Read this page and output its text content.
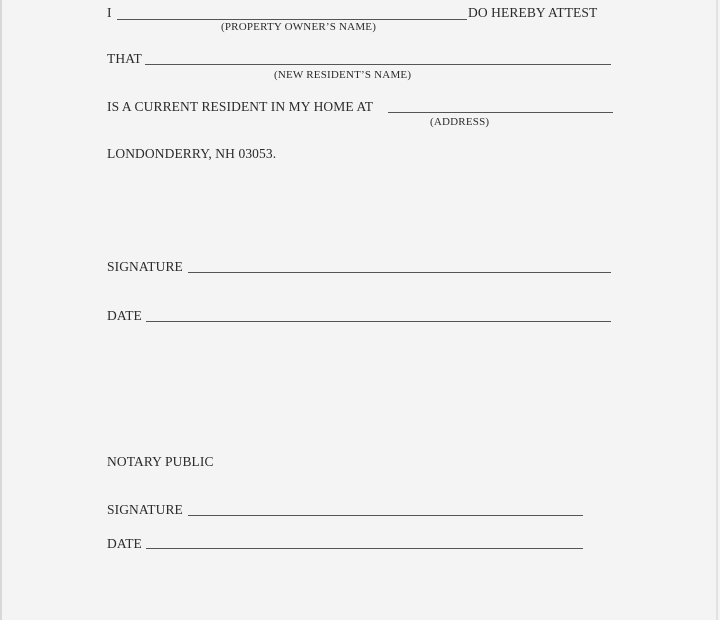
I	DO HEREBY ATTEST
(PROPERTY OWNER’S NAME)
THAT
(NEW RESIDENT’S NAME)
IS A CURRENT RESIDENT IN MY HOME AT
(ADDRESS)
LONDONDERRY, NH 03053.
SIGNATURE
DATE
NOTARY PUBLIC
SIGNATURE
DATE
